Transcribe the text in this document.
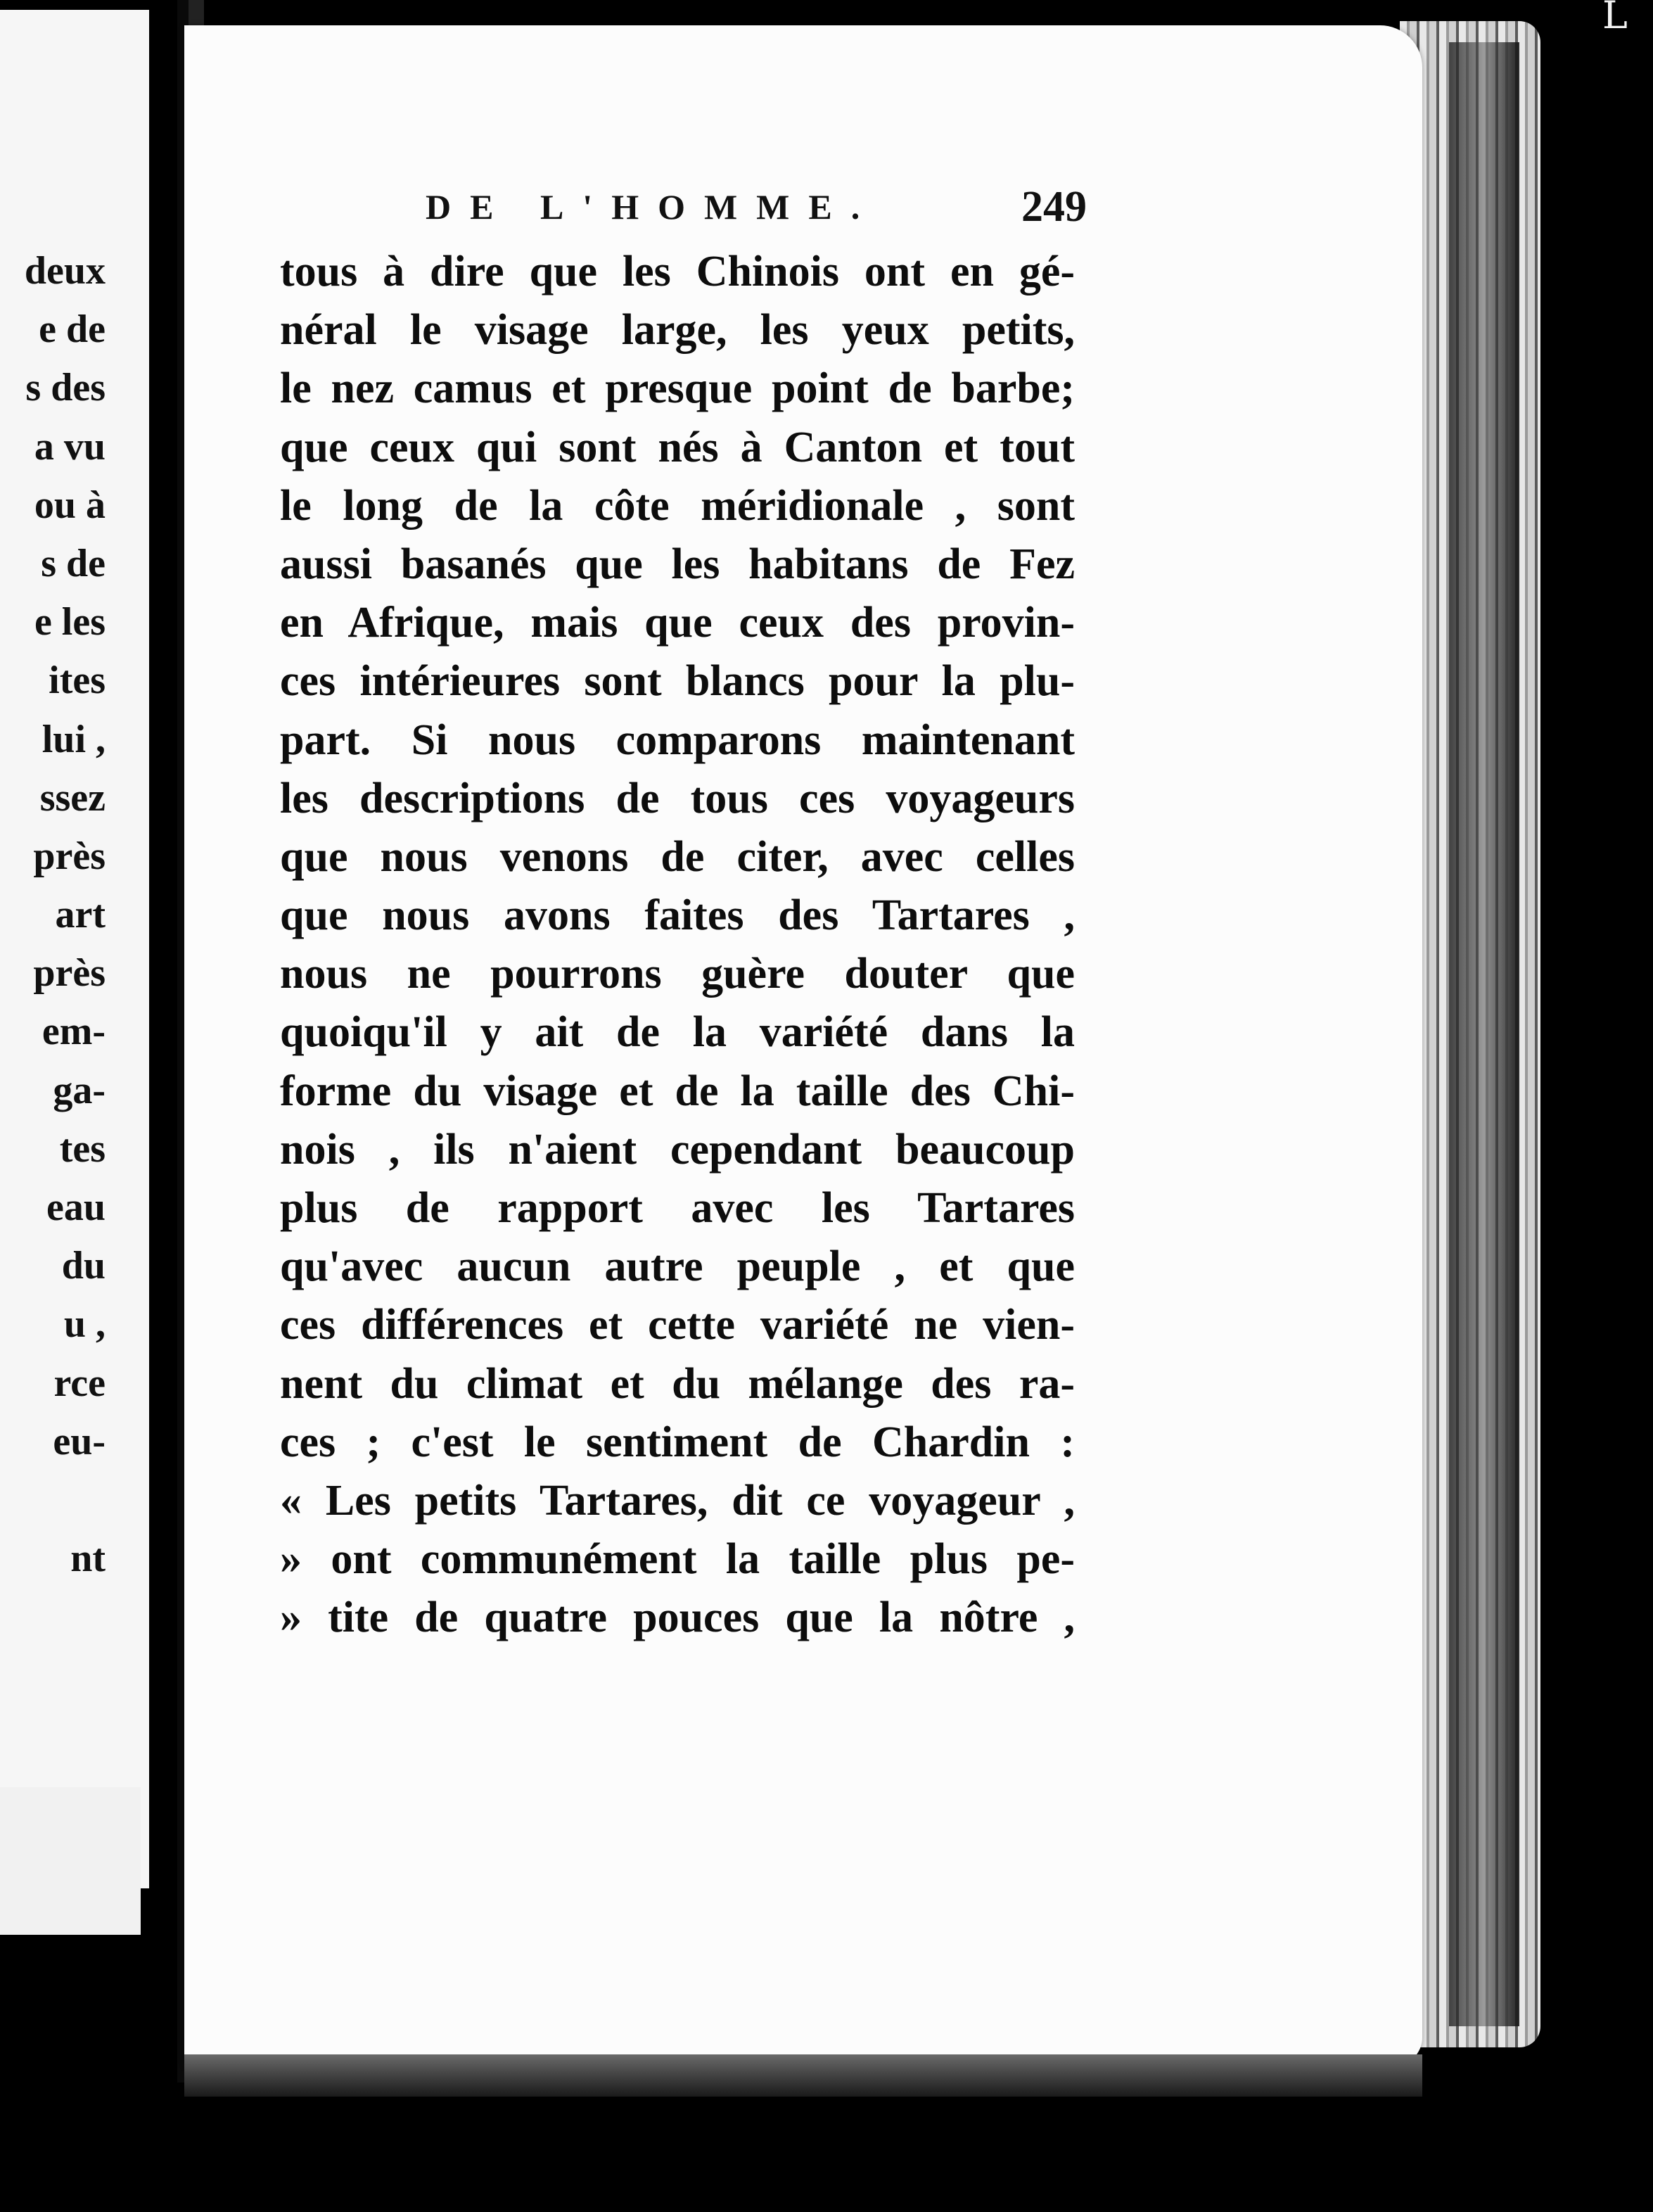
deux
e de
s des
a vu
ou à
s de
e les
ites
lui ,
ssez
près
art
près
em-
ga-
tes
eau
du
u ,
rce
eu-
nt
L
DE L'HOMME.	249
tous à dire que les Chinois ont en gé-
néral le visage large, les yeux petits,
le nez camus et presque point de barbe;
que ceux qui sont nés à Canton et tout
le long de la côte méridionale , sont
aussi basanés que les habitans de Fez
en Afrique, mais que ceux des provin-
ces intérieures sont blancs pour la plu-
part. Si nous comparons maintenant
les descriptions de tous ces voyageurs
que nous venons de citer, avec celles
que nous avons faites des Tartares ,
nous ne pourrons guère douter que
quoiqu'il y ait de la variété dans la
forme du visage et de la taille des Chi-
nois , ils n'aient cependant beaucoup
plus de rapport avec les Tartares
qu'avec aucun autre peuple , et que
ces différences et cette variété ne vien-
nent du climat et du mélange des ra-
ces ; c'est le sentiment de Chardin :
« Les petits Tartares, dit ce voyageur ,
» ont communément la taille plus pe-
» tite de quatre pouces que la nôtre ,
